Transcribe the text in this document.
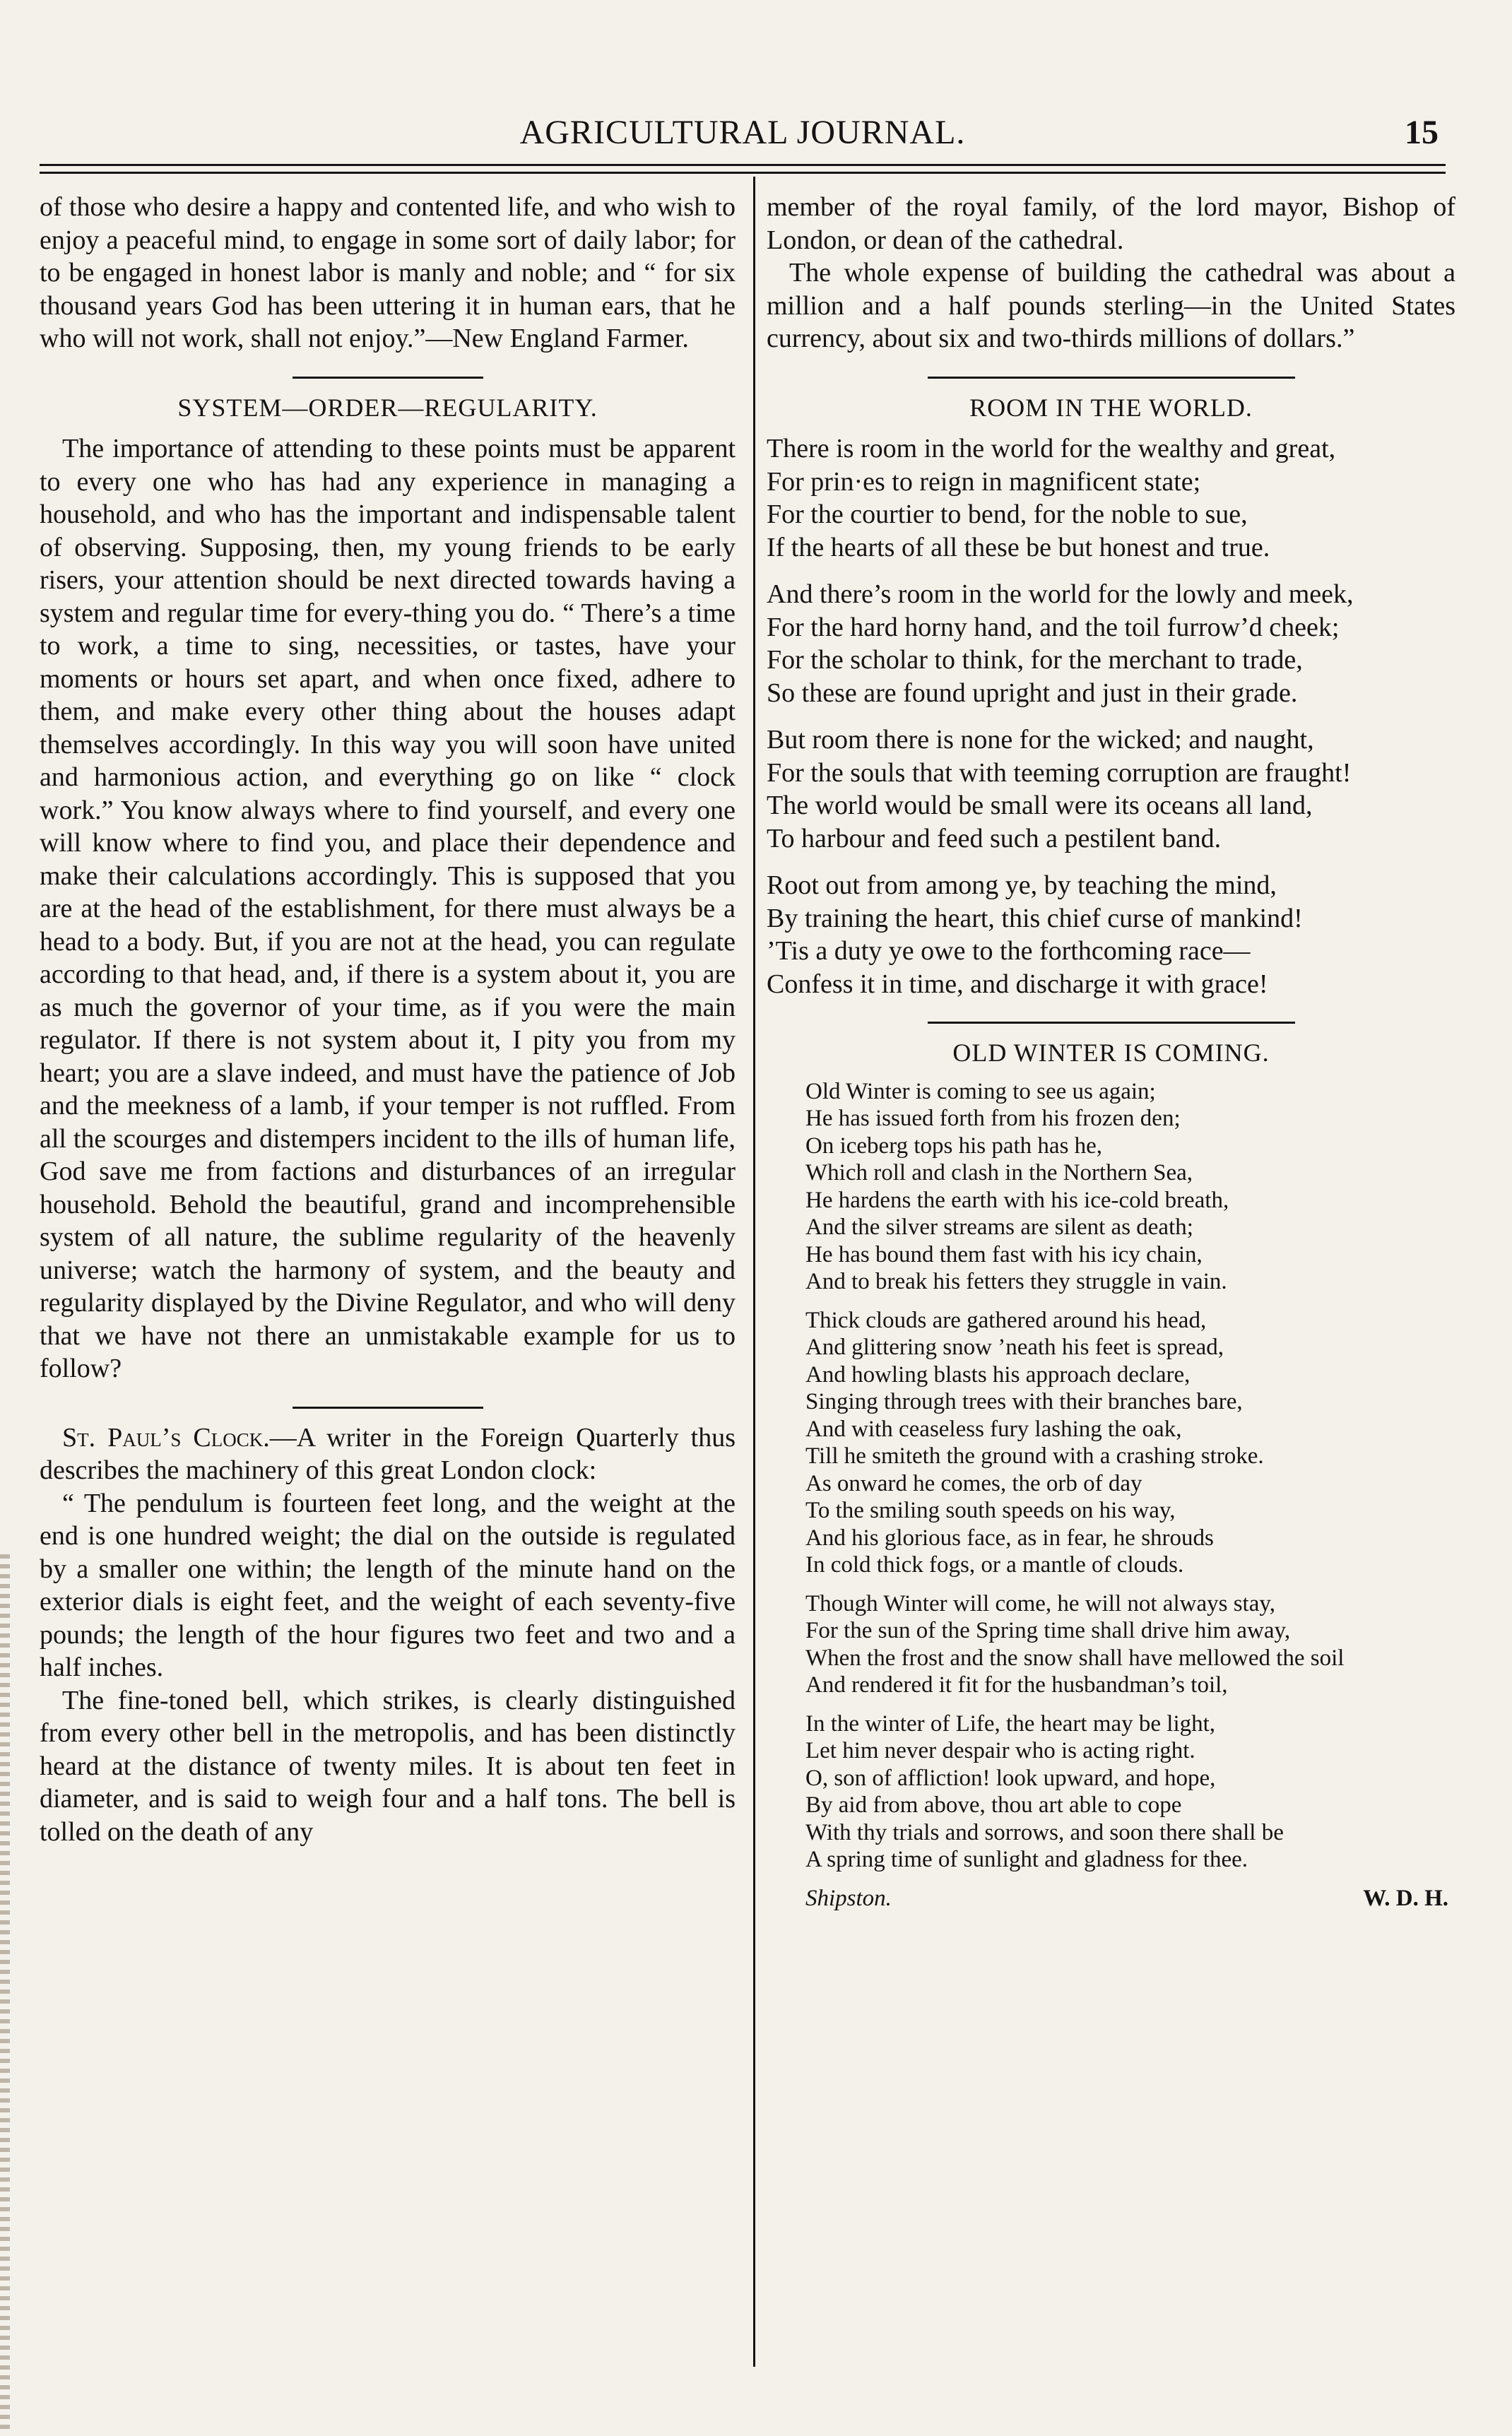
AGRICULTURAL JOURNAL.	15

of those who desire a happy and contented life, and who wish to enjoy a peaceful mind, to engage in some sort of daily labor; for to be engaged in honest labor is manly and noble; and “ for six thousand years God has been uttering it in human ears, that he who will not work, shall not enjoy.”—New England Farmer.

SYSTEM—ORDER—REGULARITY.

The importance of attending to these points must be apparent to every one who has had any experience in managing a household, and who has the important and indispensable talent of observing. Supposing, then, my young friends to be early risers, your attention should be next directed towards having a system and regular time for every-thing you do. “ There’s a time to work, a time to sing, necessities, or tastes, have your moments or hours set apart, and when once fixed, adhere to them, and make every other thing about the houses adapt themselves accordingly. In this way you will soon have united and harmonious action, and everything go on like “ clock work.” You know always where to find yourself, and every one will know where to find you, and place their dependence and make their calculations accordingly. This is supposed that you are at the head of the establishment, for there must always be a head to a body. But, if you are not at the head, you can regulate according to that head, and, if there is a system about it, you are as much the governor of your time, as if you were the main regulator. If there is not system about it, I pity you from my heart; you are a slave indeed, and must have the patience of Job and the meekness of a lamb, if your temper is not ruffled. From all the scourges and distempers incident to the ills of human life, God save me from factions and disturbances of an irregular household. Behold the beautiful, grand and incomprehensible system of all nature, the sublime regularity of the heavenly universe; watch the harmony of system, and the beauty and regularity displayed by the Divine Regulator, and who will deny that we have not there an unmistakable example for us to follow?

St. Paul’s Clock.—A writer in the Foreign Quarterly thus describes the machinery of this great London clock:

“ The pendulum is fourteen feet long, and the weight at the end is one hundred weight; the dial on the outside is regulated by a smaller one within; the length of the minute hand on the exterior dials is eight feet, and the weight of each seventy-five pounds; the length of the hour figures two feet and two and a half inches.

The fine-toned bell, which strikes, is clearly distinguished from every other bell in the metropolis, and has been distinctly heard at the distance of twenty miles. It is about ten feet in diameter, and is said to weigh four and a half tons. The bell is tolled on the death of any

member of the royal family, of the lord mayor, Bishop of London, or dean of the cathedral.

The whole expense of building the cathedral was about a million and a half pounds sterling—in the United States currency, about six and two-thirds millions of dollars.”

ROOM IN THE WORLD.

There is room in the world for the wealthy and great,

For prin·es to reign in magnificent state;

For the courtier to bend, for the noble to sue,

If the hearts of all these be but honest and true.

And there’s room in the world for the lowly and meek,

For the hard horny hand, and the toil furrow’d cheek;

For the scholar to think, for the merchant to trade,

So these are found upright and just in their grade.

But room there is none for the wicked; and naught,

For the souls that with teeming corruption are fraught!

The world would be small were its oceans all land,

To harbour and feed such a pestilent band.

Root out from among ye, by teaching the mind,

By training the heart, this chief curse of mankind!

’Tis a duty ye owe to the forthcoming race—

Confess it in time, and discharge it with grace!

OLD WINTER IS COMING.

Old Winter is coming to see us again;

He has issued forth from his frozen den;

On iceberg tops his path has he,

Which roll and clash in the Northern Sea,

He hardens the earth with his ice-cold breath,

And the silver streams are silent as death;

He has bound them fast with his icy chain,

And to break his fetters they struggle in vain.

Thick clouds are gathered around his head,

And glittering snow ’neath his feet is spread,

And howling blasts his approach declare,

Singing through trees with their branches bare,

And with ceaseless fury lashing the oak,

Till he smiteth the ground with a crashing stroke.

As onward he comes, the orb of day

To the smiling south speeds on his way,

And his glorious face, as in fear, he shrouds

In cold thick fogs, or a mantle of clouds.

Though Winter will come, he will not always stay,

For the sun of the Spring time shall drive him away,

When the frost and the snow shall have mellowed the soil

And rendered it fit for the husbandman’s toil,

In the winter of Life, the heart may be light,

Let him never despair who is acting right.

O, son of affliction! look upward, and hope,

By aid from above, thou art able to cope

With thy trials and sorrows, and soon there shall be

A spring time of sunlight and gladness for thee.

Shipston.	W. D. H.
